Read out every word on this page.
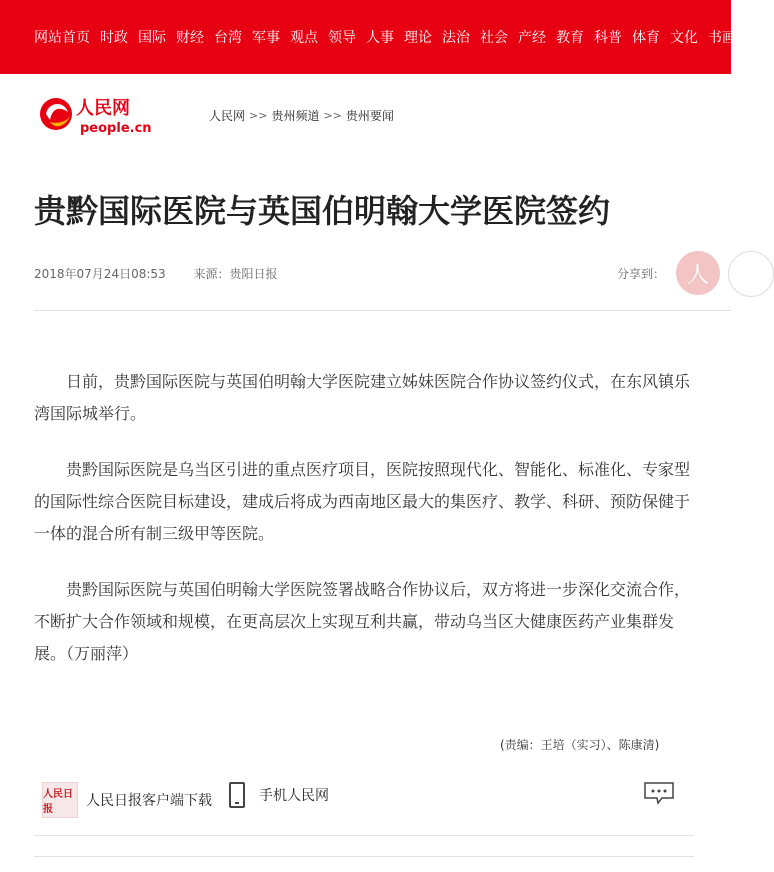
网站首页 时政 国际 财经 台湾 军事 观点 领导 人事 理论 法治 社会 产经 教育 科普 体育 文化 书画
人民网
people.cn
人民网 >> 贵州频道 >> 贵州要闻
贵黔国际医院与英国伯明翰大学医院签约
2018年07月24日08:53 来源：贵阳日报	分享到： 人

日前，贵黔国际医院与英国伯明翰大学医院建立姊妹医院合作协议签约仪式，在东风镇乐湾国际城举行。

贵黔国际医院是乌当区引进的重点医疗项目，医院按照现代化、智能化、标准化、专家型的国际性综合医院目标建设，建成后将成为西南地区最大的集医疗、教学、科研、预防保健于一体的混合所有制三级甲等医院。

贵黔国际医院与英国伯明翰大学医院签署战略合作协议后，双方将进一步深化交流合作，不断扩大合作领域和规模，在更高层次上实现互利共赢，带动乌当区大健康医药产业集群发展。（万丽萍）

(责编：王培（实习）、陈康清)
人民日报
人民日报客户端下载	手机人民网
